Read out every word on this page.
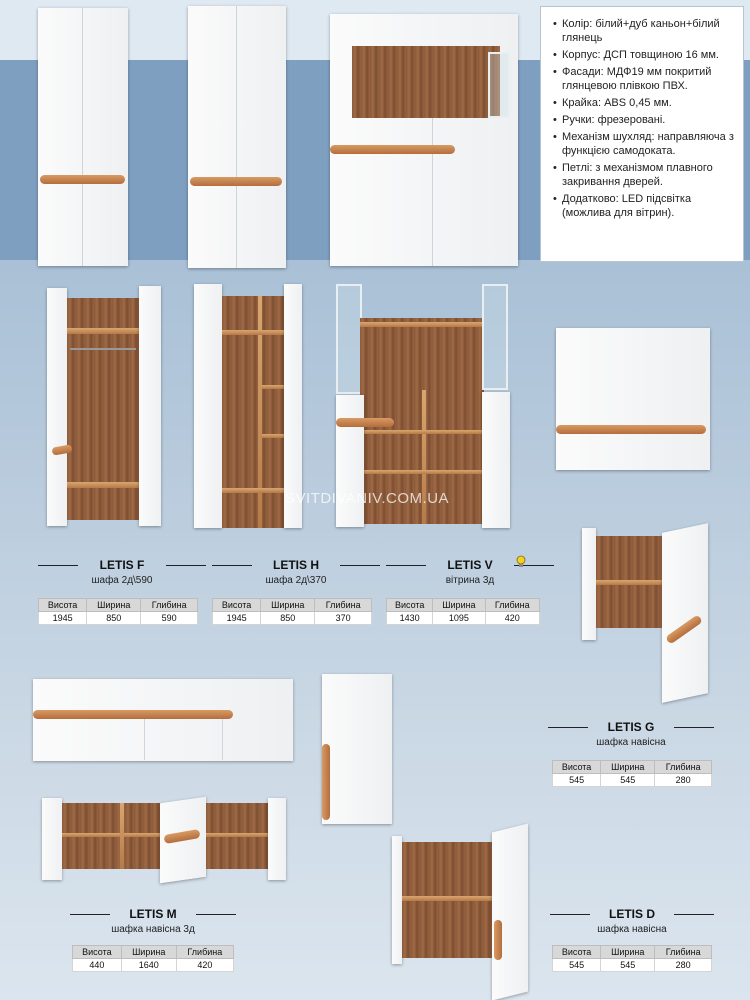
• Колір: білий+дуб каньон+білий глянець
• Корпус: ДСП товщиною 16 мм.
• Фасади: МДФ19 мм покритий глянцевою плівкою ПВХ.
• Крайка: ABS 0,45 мм.
• Ручки: фрезеровані.
• Механізм шухляд: направляюча з функцією самодоката.
• Петлі: з механізмом плавного закривання дверей.
• Додатково: LED підсвітка (можлива для вітрин).
SVITDIVANIV.COM.UA
LETIS F
шафа 2д\590
Висота	Ширина	Глибина
1945	850	590
LETIS H
шафа 2д\370
Висота	Ширина	Глибина
1945	850	370
LETIS V
вітрина 3д
Висота	Ширина	Глибина
1430	1095	420
LETIS G
шафка навісна
Висота	Ширина	Глибина
545	545	280
LETIS M
шафка навісна 3д
Висота	Ширина	Глибина
440	1640	420
LETIS D
шафка навісна
Висота	Ширина	Глибина
545	545	280
